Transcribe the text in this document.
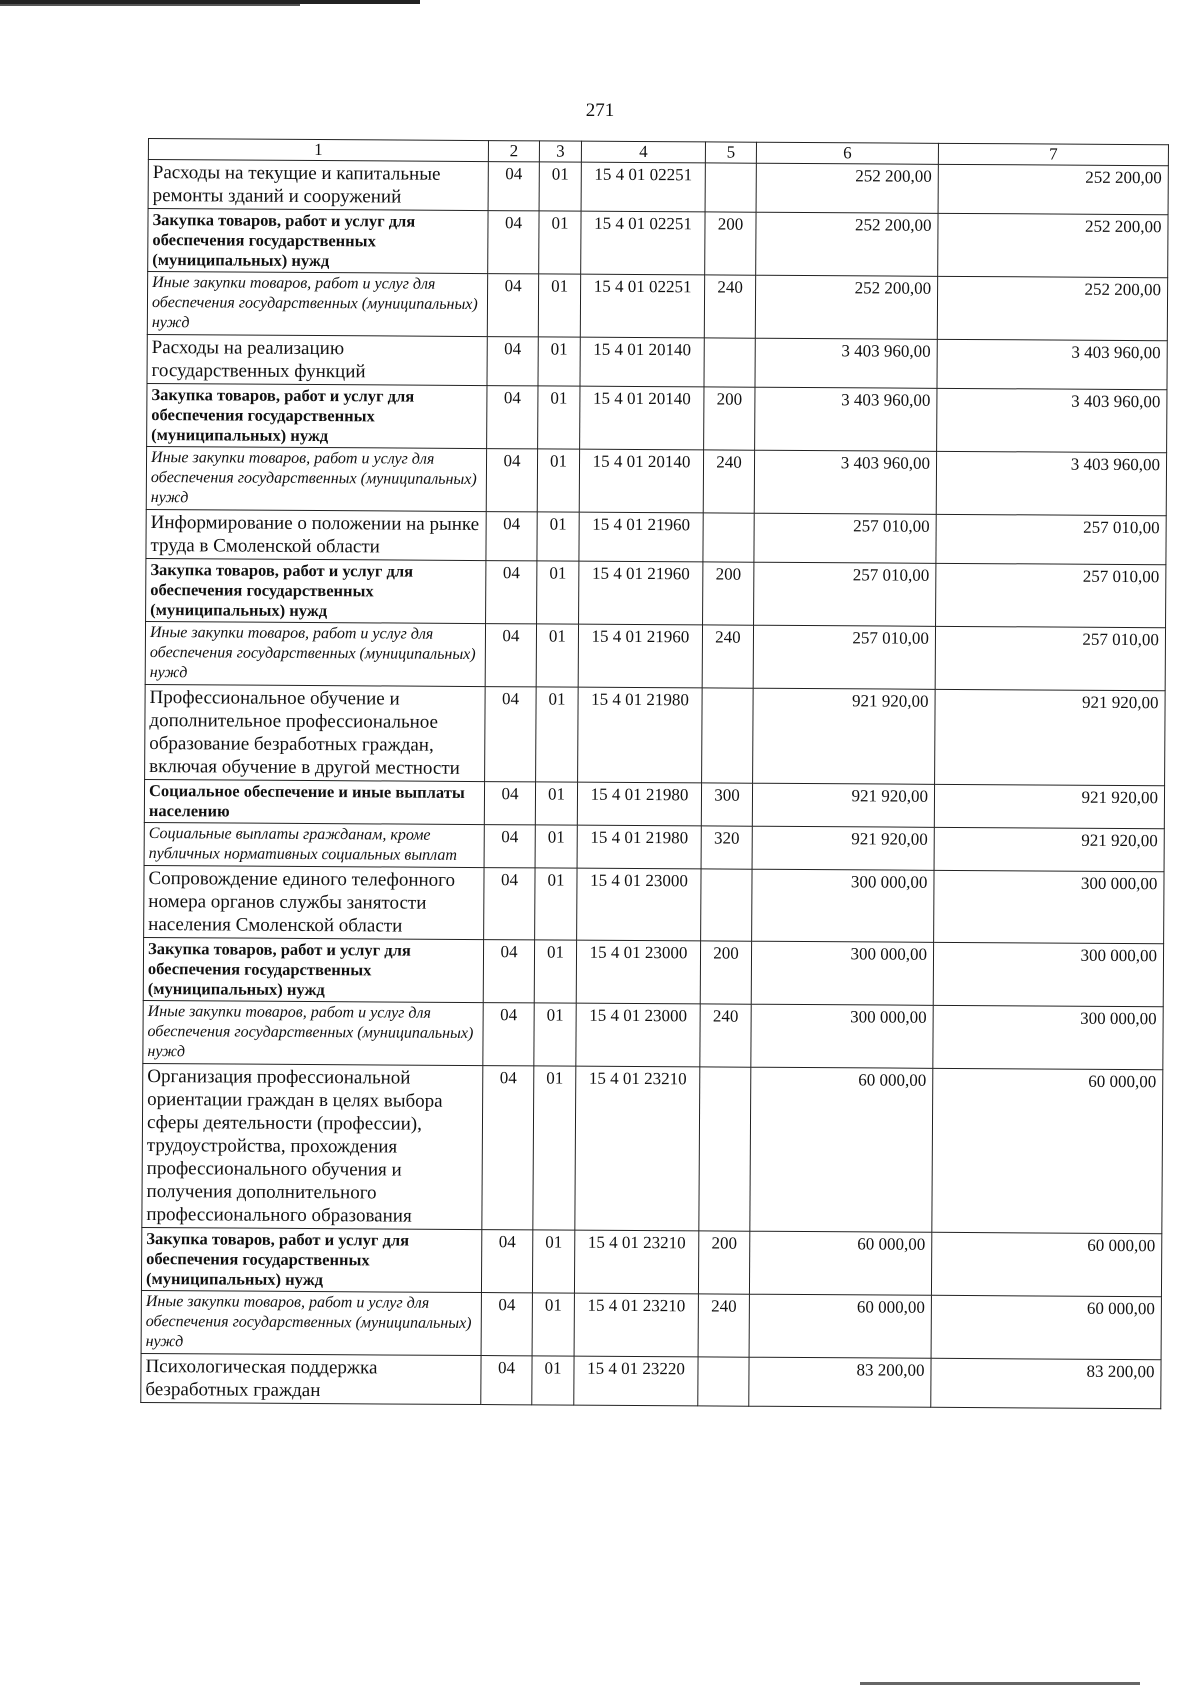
271
1	2	3	4	5	6	7
Расходы на текущие и капитальные ремонты зданий и сооружений	04	01	15 4 01 02251		252 200,00	252 200,00
Закупка товаров, работ и услуг для обеспечения государственных (муниципальных) нужд	04	01	15 4 01 02251	200	252 200,00	252 200,00
Иные закупки товаров, работ и услуг для обеспечения государственных (муниципальных) нужд	04	01	15 4 01 02251	240	252 200,00	252 200,00
Расходы на реализацию государственных функций	04	01	15 4 01 20140		3 403 960,00	3 403 960,00
Закупка товаров, работ и услуг для обеспечения государственных (муниципальных) нужд	04	01	15 4 01 20140	200	3 403 960,00	3 403 960,00
Иные закупки товаров, работ и услуг для обеспечения государственных (муниципальных) нужд	04	01	15 4 01 20140	240	3 403 960,00	3 403 960,00
Информирование о положении на рынке труда в Смоленской области	04	01	15 4 01 21960		257 010,00	257 010,00
Закупка товаров, работ и услуг для обеспечения государственных (муниципальных) нужд	04	01	15 4 01 21960	200	257 010,00	257 010,00
Иные закупки товаров, работ и услуг для обеспечения государственных (муниципальных) нужд	04	01	15 4 01 21960	240	257 010,00	257 010,00
Профессиональное обучение и дополнительное профессиональное образование безработных граждан, включая обучение в другой местности	04	01	15 4 01 21980		921 920,00	921 920,00
Социальное обеспечение и иные выплаты населению	04	01	15 4 01 21980	300	921 920,00	921 920,00
Социальные выплаты гражданам, кроме публичных нормативных социальных выплат	04	01	15 4 01 21980	320	921 920,00	921 920,00
Сопровождение единого телефонного номера органов службы занятости населения Смоленской области	04	01	15 4 01 23000		300 000,00	300 000,00
Закупка товаров, работ и услуг для обеспечения государственных (муниципальных) нужд	04	01	15 4 01 23000	200	300 000,00	300 000,00
Иные закупки товаров, работ и услуг для обеспечения государственных (муниципальных) нужд	04	01	15 4 01 23000	240	300 000,00	300 000,00
Организация профессиональной ориентации граждан в целях выбора сферы деятельности (профессии), трудоустройства, прохождения профессионального обучения и получения дополнительного профессионального образования	04	01	15 4 01 23210		60 000,00	60 000,00
Закупка товаров, работ и услуг для обеспечения государственных (муниципальных) нужд	04	01	15 4 01 23210	200	60 000,00	60 000,00
Иные закупки товаров, работ и услуг для обеспечения государственных (муниципальных) нужд	04	01	15 4 01 23210	240	60 000,00	60 000,00
Психологическая поддержка безработных граждан	04	01	15 4 01 23220		83 200,00	83 200,00
